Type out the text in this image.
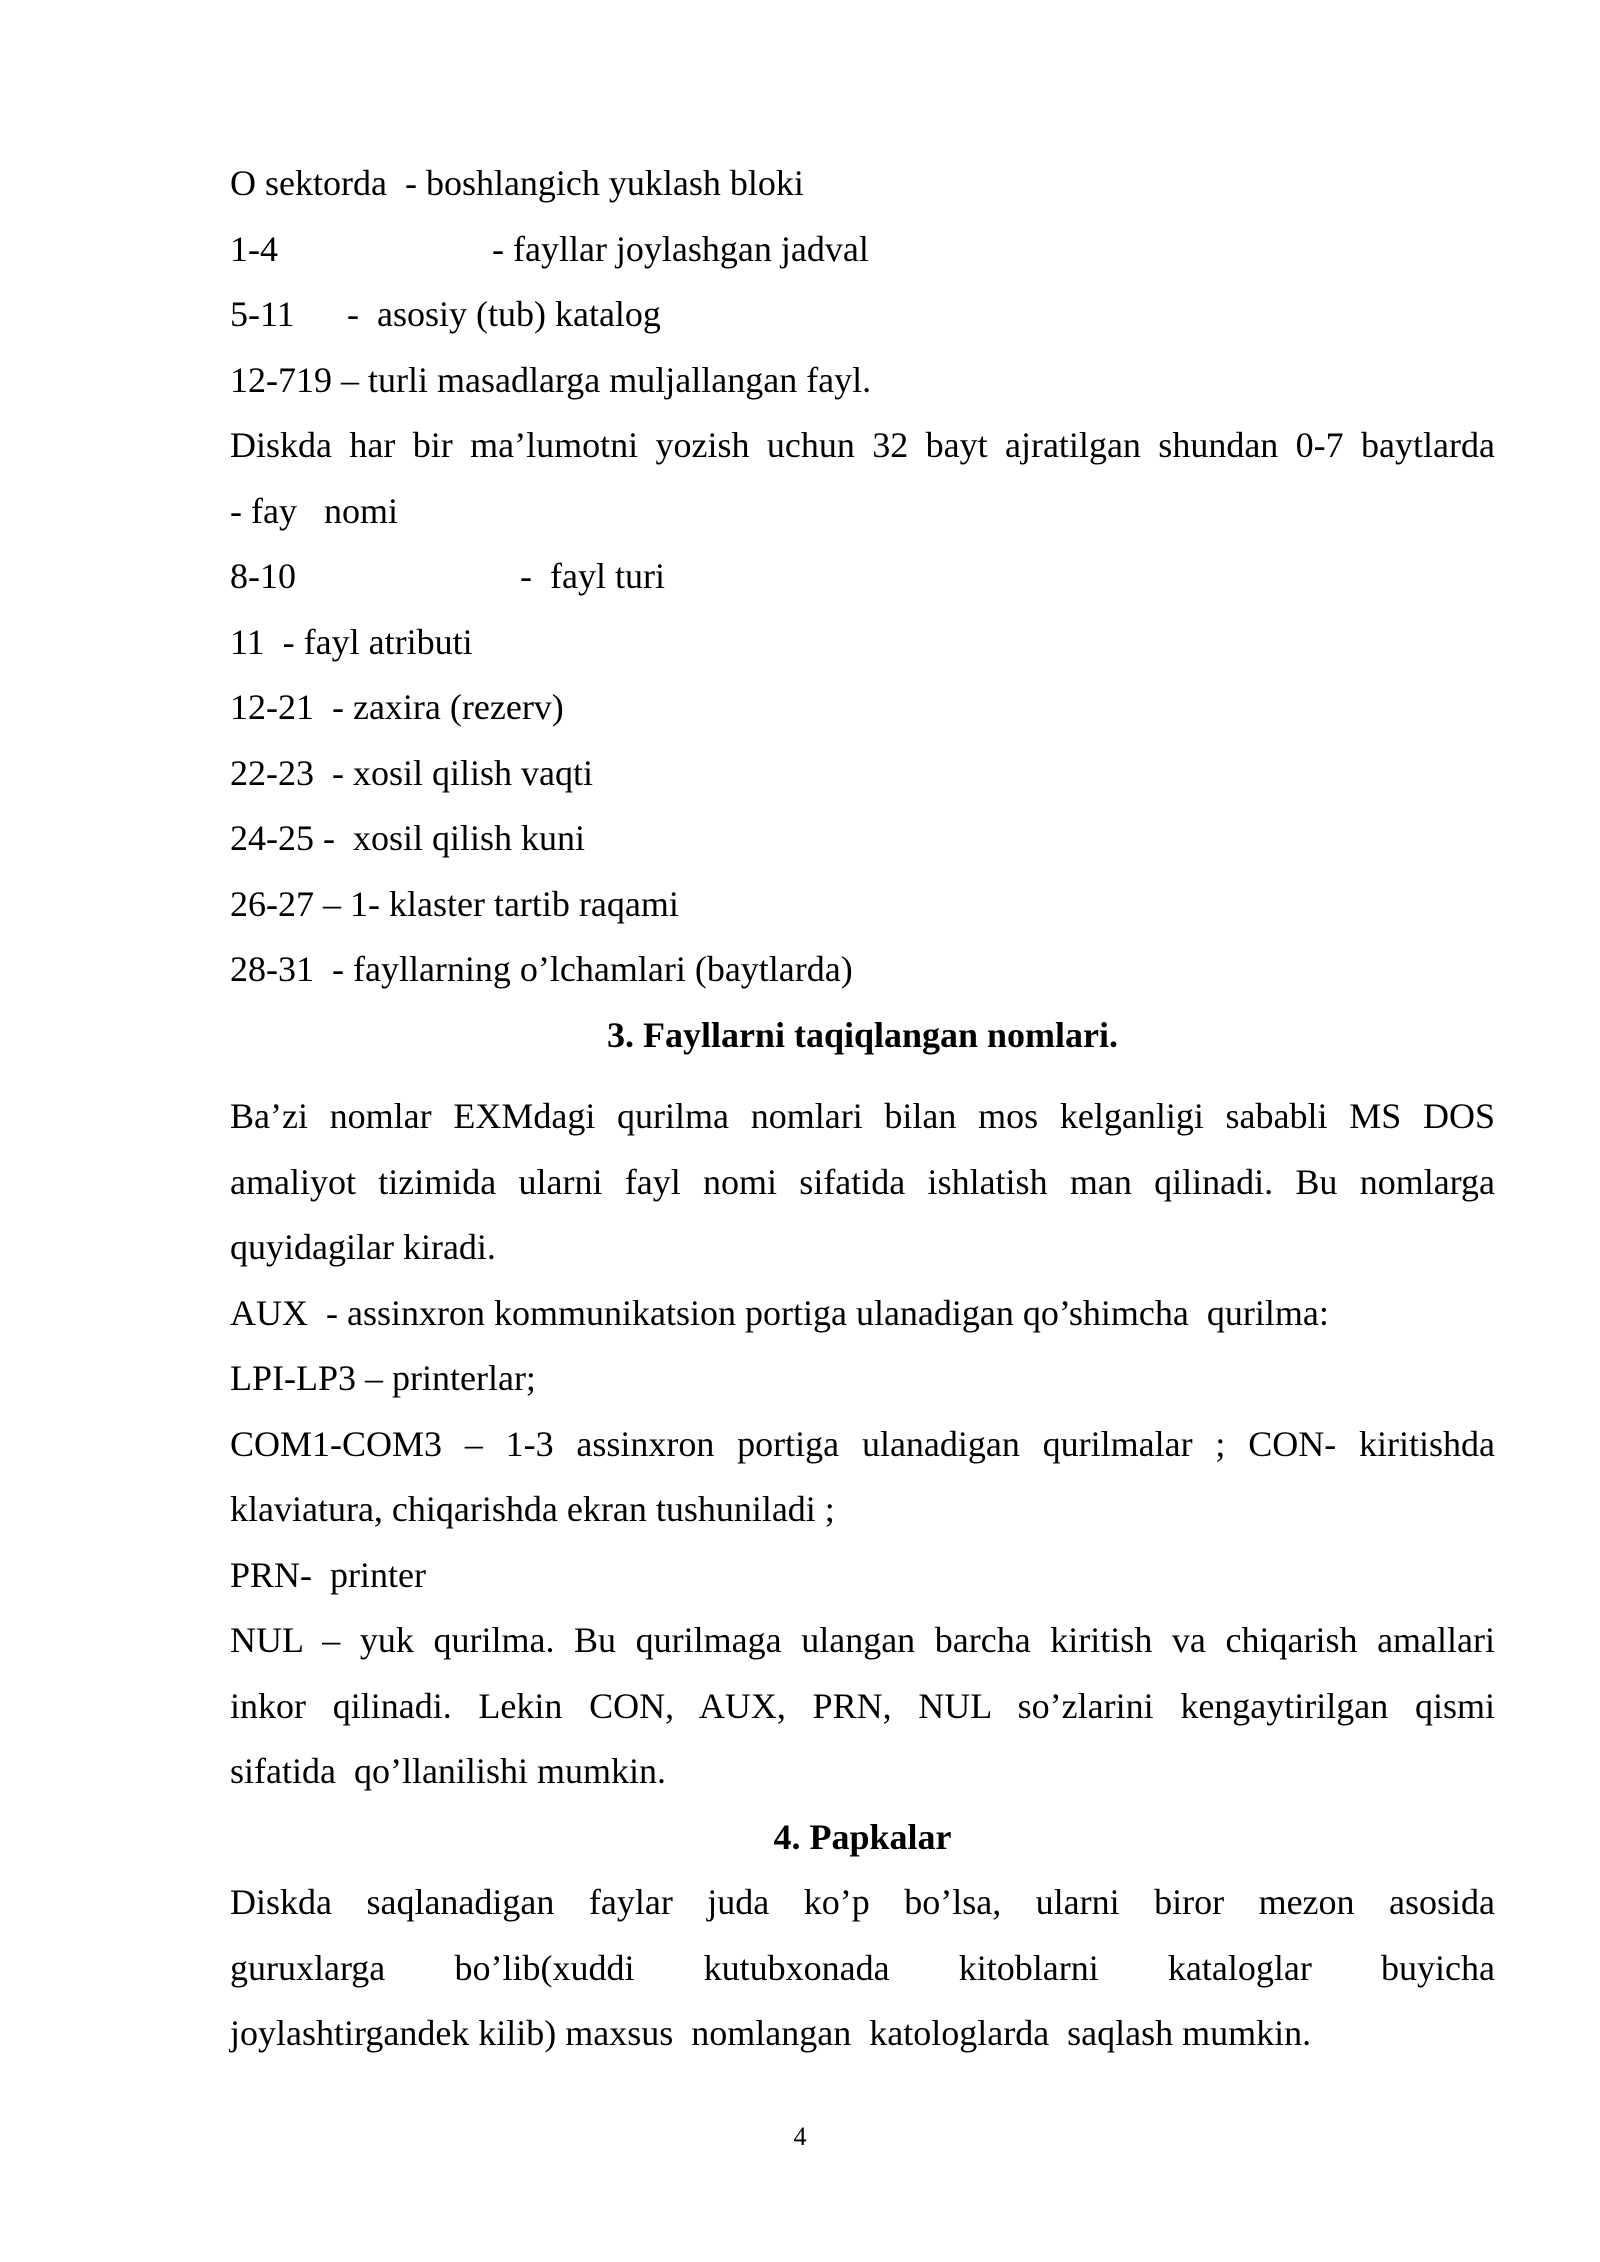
O sektorda  - boshlangich yuklash bloki
1-4	- fayllar joylashgan jadval
5-11 -  asosiy (tub) katalog
12-719 – turli masadlarga muljallangan fayl.
Diskda har bir ma’lumotni yozish uchun 32 bayt ajratilgan shundan 0-7 baytlarda
- fay   nomi
8-10	-  fayl turi
11  - fayl atributi
12-21  - zaxira (rezerv)
22-23  - xosil qilish vaqti
24-25 -  xosil qilish kuni
26-27 – 1- klaster tartib raqami
28-31  - fayllarning o’lchamlari (baytlarda)
3. Fayllarni taqiqlangan nomlari.
Ba’zi nomlar EXMdagi qurilma nomlari bilan mos kelganligi sababli MS DOS
amaliyot tizimida ularni fayl nomi sifatida ishlatish man qilinadi. Bu nomlarga
quyidagilar kiradi.
AUX  - assinxron kommunikatsion portiga ulanadigan qo’shimcha  qurilma:
LPI-LP3 – printerlar;
COM1-COM3 – 1-3 assinxron portiga ulanadigan qurilmalar ; CON- kiritishda
klaviatura, chiqarishda ekran tushuniladi ;
PRN-  printer
NUL – yuk qurilma. Bu qurilmaga ulangan barcha kiritish va chiqarish amallari
inkor qilinadi. Lekin CON, AUX, PRN, NUL so’zlarini kengaytirilgan qismi
sifatida  qo’llanilishi mumkin.
4. Papkalar
Diskda saqlanadigan faylar juda ko’p bo’lsa, ularni biror mezon asosida
guruxlarga bo’lib(xuddi kutubxonada kitoblarni kataloglar buyicha
joylashtirgandek kilib) maxsus  nomlangan  katologlarda  saqlash mumkin.
4
